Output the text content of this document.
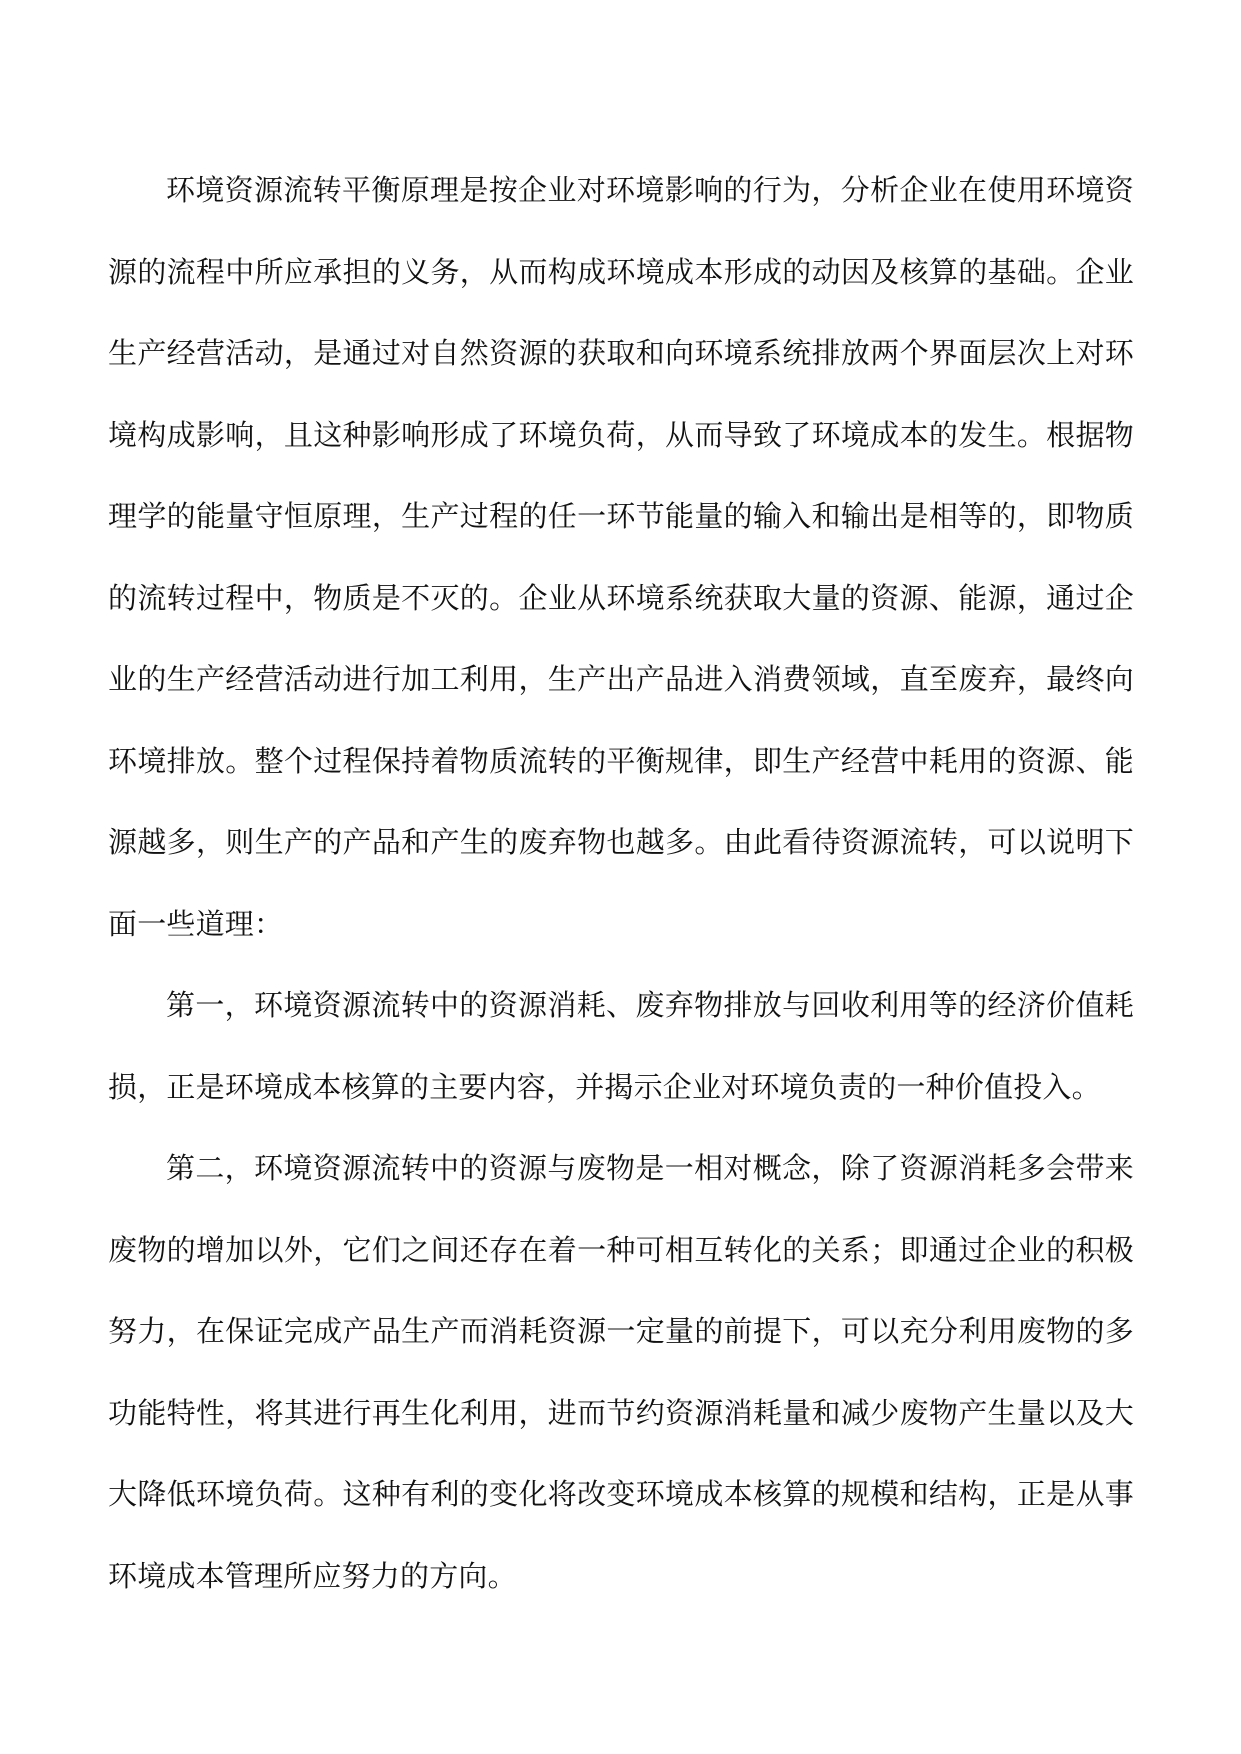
环境资源流转平衡原理是按企业对环境影响的行为，分析企业在使用环境资源的流程中所应承担的义务，从而构成环境成本形成的动因及核算的基础。企业生产经营活动，是通过对自然资源的获取和向环境系统排放两个界面层次上对环境构成影响，且这种影响形成了环境负荷，从而导致了环境成本的发生。根据物理学的能量守恒原理，生产过程的任一环节能量的输入和输出是相等的，即物质的流转过程中，物质是不灭的。企业从环境系统获取大量的资源、能源，通过企业的生产经营活动进行加工利用，生产出产品进入消费领域，直至废弃，最终向环境排放。整个过程保持着物质流转的平衡规律，即生产经营中耗用的资源、能源越多，则生产的产品和产生的废弃物也越多。由此看待资源流转，可以说明下面一些道理：

第一，环境资源流转中的资源消耗、废弃物排放与回收利用等的经济价值耗损，正是环境成本核算的主要内容，并揭示企业对环境负责的一种价值投入。

第二，环境资源流转中的资源与废物是一相对概念，除了资源消耗多会带来废物的增加以外，它们之间还存在着一种可相互转化的关系；即通过企业的积极努力，在保证完成产品生产而消耗资源一定量的前提下，可以充分利用废物的多功能特性，将其进行再生化利用，进而节约资源消耗量和减少废物产生量以及大大降低环境负荷。这种有利的变化将改变环境成本核算的规模和结构，正是从事环境成本管理所应努力的方向。
